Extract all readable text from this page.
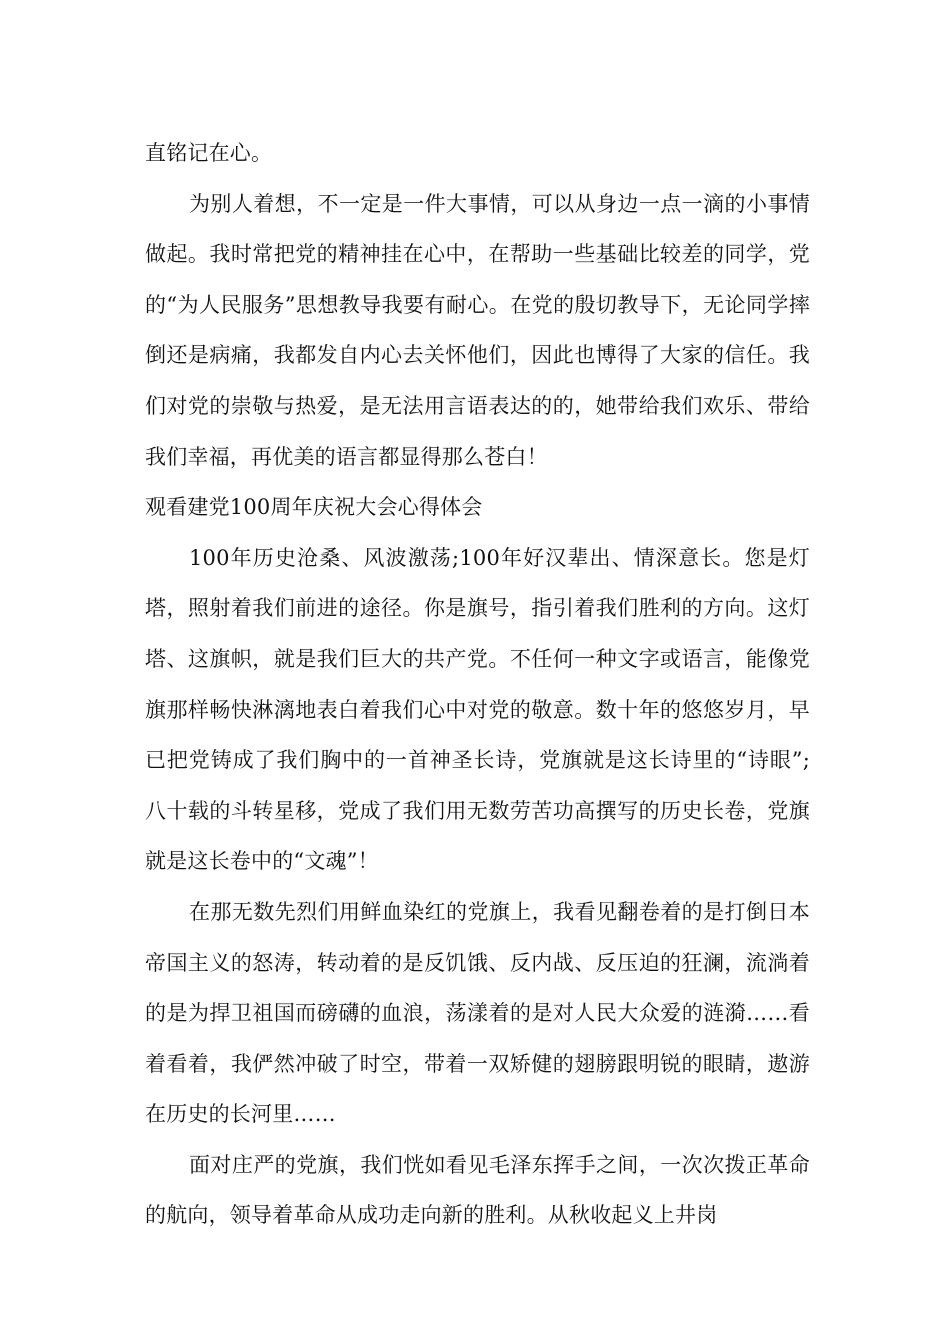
直铭记在心。

为别人着想，不一定是一件大事情，可以从身边一点一滴的小事情做起。我时常把党的精神挂在心中，在帮助一些基础比较差的同学，党的“为人民服务”思想教导我要有耐心。在党的殷切教导下，无论同学摔倒还是病痛，我都发自内心去关怀他们，因此也博得了大家的信任。我们对党的崇敬与热爱，是无法用言语表达的的，她带给我们欢乐、带给我们幸福，再优美的语言都显得那么苍白！

观看建党100周年庆祝大会心得体会

100年历史沧桑、风波激荡;100年好汉辈出、情深意长。您是灯塔，照射着我们前进的途径。你是旗号，指引着我们胜利的方向。这灯塔、这旗帜，就是我们巨大的共产党。不任何一种文字或语言，能像党旗那样畅快淋漓地表白着我们心中对党的敬意。数十年的悠悠岁月，早已把党铸成了我们胸中的一首神圣长诗，党旗就是这长诗里的“诗眼”;八十载的斗转星移，党成了我们用无数劳苦功高撰写的历史长卷，党旗就是这长卷中的“文魂”！

在那无数先烈们用鲜血染红的党旗上，我看见翻卷着的是打倒日本帝国主义的怒涛，转动着的是反饥饿、反内战、反压迫的狂澜，流淌着的是为捍卫祖国而磅礴的血浪，荡漾着的是对人民大众爱的涟漪……看着看着，我俨然冲破了时空，带着一双矫健的翅膀跟明锐的眼睛，遨游在历史的长河里……

面对庄严的党旗，我们恍如看见毛泽东挥手之间，一次次拨正革命的航向，领导着革命从成功走向新的胜利。从秋收起义上井岗
